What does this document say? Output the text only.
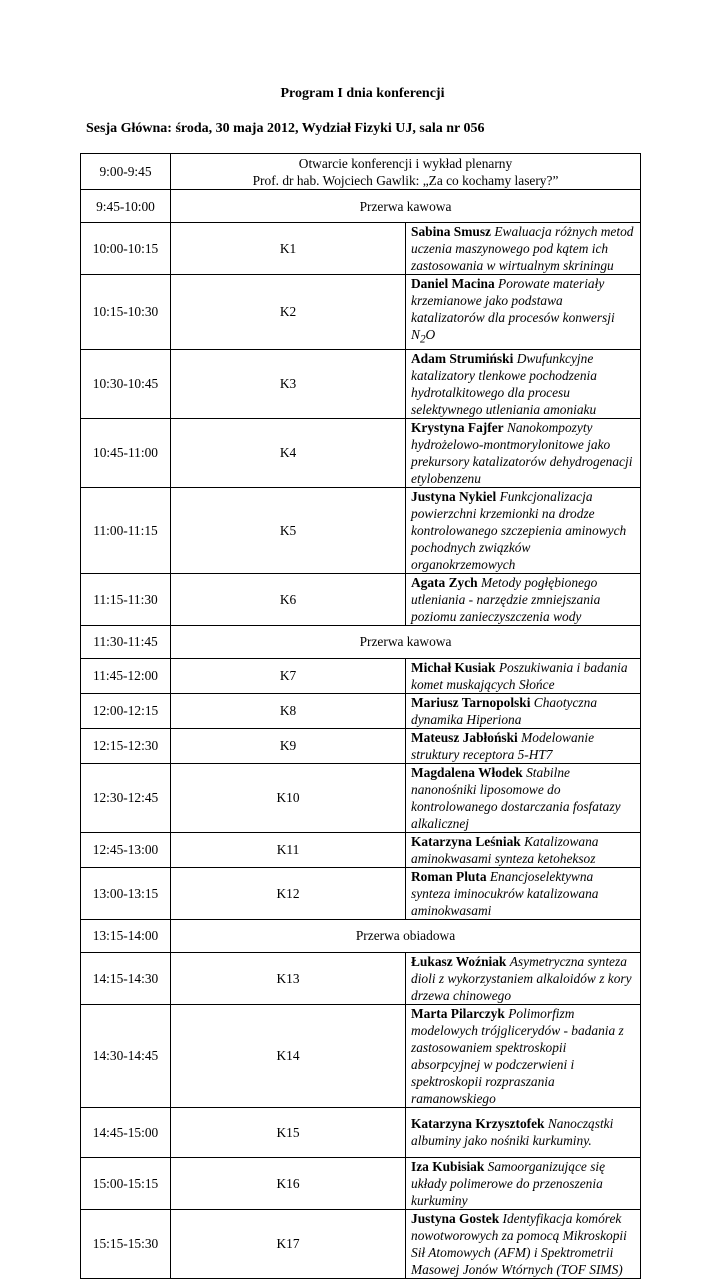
Program I dnia konferencji
Sesja Główna: środa, 30 maja 2012, Wydział Fizyki UJ, sala nr 056
9:00-9:45	Otwarcie konferencji i wykład plenarny
Prof. dr hab. Wojciech Gawlik: „Za co kochamy lasery?”	

9:45-10:00	Przerwa kawowa	
10:00-10:15	K1	Sabina Smusz Ewaluacja różnych metod uczenia maszynowego pod kątem ich zastosowania w wirtualnym skriningu
10:15-10:30	K2	Daniel Macina Porowate materiały krzemianowe jako podstawa katalizatorów dla procesów konwersji $N_2O$
10:30-10:45	K3	Adam Strumiński Dwufunkcyjne katalizatory tlenkowe pochodzenia hydrotalkitowego dla procesu selektywnego utleniania amoniaku
10:45-11:00	K4	Krystyna Fajfer Nanokompozyty hydrożelowo-montmorylonitowe jako prekursory katalizatorów dehydrogenacji etylobenzenu
11:00-11:15	K5	Justyna Nykiel Funkcjonalizacja powierzchni krzemionki na drodze kontrolowanego szczepienia aminowych pochodnych związków organokrzemowych
11:15-11:30	K6	Agata Zych Metody pogłębionego utleniania - narzędzie zmniejszania poziomu zanieczyszczenia wody
11:30-11:45	Przerwa kawowa	
11:45-12:00	K7	Michał Kusiak Poszukiwania i badania komet muskających Słońce
12:00-12:15	K8	Mariusz Tarnopolski Chaotyczna dynamika Hiperiona
12:15-12:30	K9	Mateusz Jabłoński Modelowanie struktury receptora 5-HT7
12:30-12:45	K10	Magdalena Włodek Stabilne nanonośniki liposomowe do kontrolowanego dostarczania fosfatazy alkalicznej
12:45-13:00	K11	Katarzyna Leśniak Katalizowana aminokwasami synteza ketoheksoz
13:00-13:15	K12	Roman Pluta Enancjoselektywna synteza iminocukrów katalizowana aminokwasami
13:15-14:00	Przerwa obiadowa	
14:15-14:30	K13	Łukasz Woźniak Asymetryczna synteza dioli z wykorzystaniem alkaloidów z kory drzewa chinowego
14:30-14:45	K14	Marta Pilarczyk Polimorfizm modelowych trójglicerydów - badania z zastosowaniem spektroskopii absorpcyjnej w podczerwieni i spektroskopii rozpraszania ramanowskiego
14:45-15:00	K15	Katarzyna Krzysztofek Nanocząstki albuminy jako nośniki kurkuminy.
15:00-15:15	K16	Iza Kubisiak Samoorganizujące się układy polimerowe do przenoszenia kurkuminy
15:15-15:30	K17	Justyna Gostek Identyfikacja komórek nowotworowych za pomocą Mikroskopii Sił Atomowych (AFM) i Spektrometrii Masowej Jonów Wtórnych (TOF SIMS)
